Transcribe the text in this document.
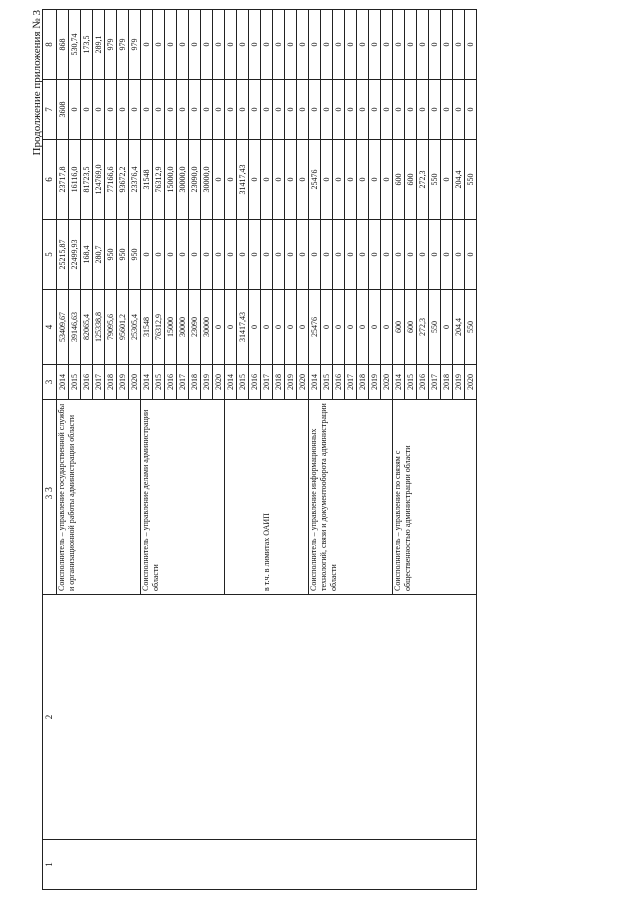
Продолжение приложения № 3
3
1	2	3	3	4	5	6	7	8
		Соисполнитель – управление государственной службы и организационной работы администрации области	2014	53409,67	25215,87	23717,8	3608	868
			2015	39146,63	22499,93	16116,0	0	530,74
			2016	82065,4	168,4	81723,5	0	173,5
			2017	125338,8	280,7	124769,0	0	289,1
			2018	79095,6	950	77166,6	0	979
			2019	95601,2	950	93672,2	0	979
			2020	25305,4	950	23376,4	0	979
		Соисполнитель – управление делами администрации области	2014	31548	0	31548	0	0
			2015	76312,9	0	76312,9	0	0
			2016	15000	0	15000,0	0	0
			2017	30000	0	30000,0	0	0
			2018	23090	0	23090,0	0	0
			2019	30000	0	30000,0	0	0
			2020	0	0	0	0	0
		в т.ч. в лимитах ОАИП	2014	0	0	0	0	0
			2015	31417,43	0	31417,43	0	0
			2016	0	0	0	0	0
			2017	0	0	0	0	0
			2018	0	0	0	0	0
			2019	0	0	0	0	0
			2020	0	0	0	0	0
		Соисполнитель – управление информационных технологий, связи и документооборота администрации области	2014	25476	0	25476	0	0
			2015	0	0	0	0	0
			2016	0	0	0	0	0
			2017	0	0	0	0	0
			2018	0	0	0	0	0
			2019	0	0	0	0	0
			2020	0	0	0	0	0
		Соисполнитель – управление по связям с общественностью администрации области	2014	600	0	600	0	0
			2015	600	0	600	0	0
			2016	272,3	0	272,3	0	0
			2017	550	0	550	0	0
			2018	0	0	0	0	0
			2019	204,4	0	204,4	0	0
			2020	550	0	550	0	0
